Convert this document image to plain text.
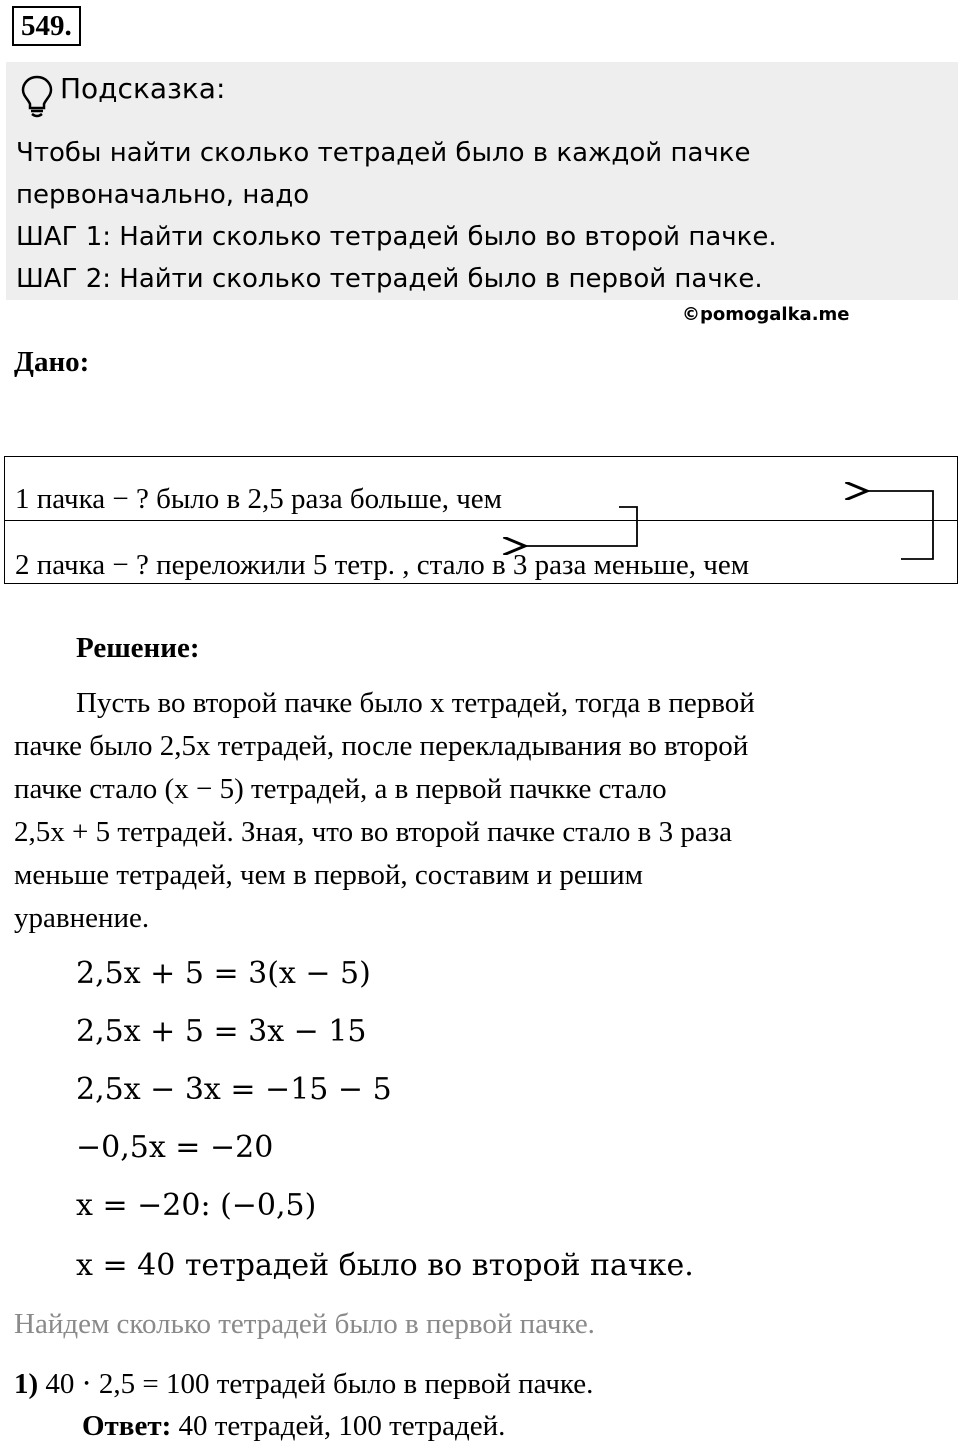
549.
Подсказка:
Чтобы найти сколько тетрадей было в каждой пачке
первоначально, надо
ШАГ 1: Найти сколько тетрадей было во второй пачке.
ШАГ 2: Найти сколько тетрадей было в первой пачке.
©pomogalka.me
Дано:
1 пачка − ? было в 2,5 раза больше, чем
2 пачка − ? переложили 5 тетр. , стало в 3 раза меньше, чем
Решение:
Пусть во второй пачке было x тетрадей, тогда в первой
пачке было 2,5x тетрадей, после перекладывания во второй
пачке стало (x − 5) тетрадей, а в первой пачкке стало
2,5x + 5 тетрадей. Зная, что во второй пачке стало в 3 раза
меньше тетрадей, чем в первой, составим и решим
уравнение.
2,5x + 5 = 3(x − 5)
2,5x + 5 = 3x − 15
2,5x − 3x = −15 − 5
−0,5x = −20
x = −20: (−0,5)
x = 40 тетрадей было во второй пачке.
Найдем сколько тетрадей было в первой пачке.
1) 40 ⋅ 2,5 = 100 тетрадей было в первой пачке.
Ответ: 40 тетрадей, 100 тетрадей.
